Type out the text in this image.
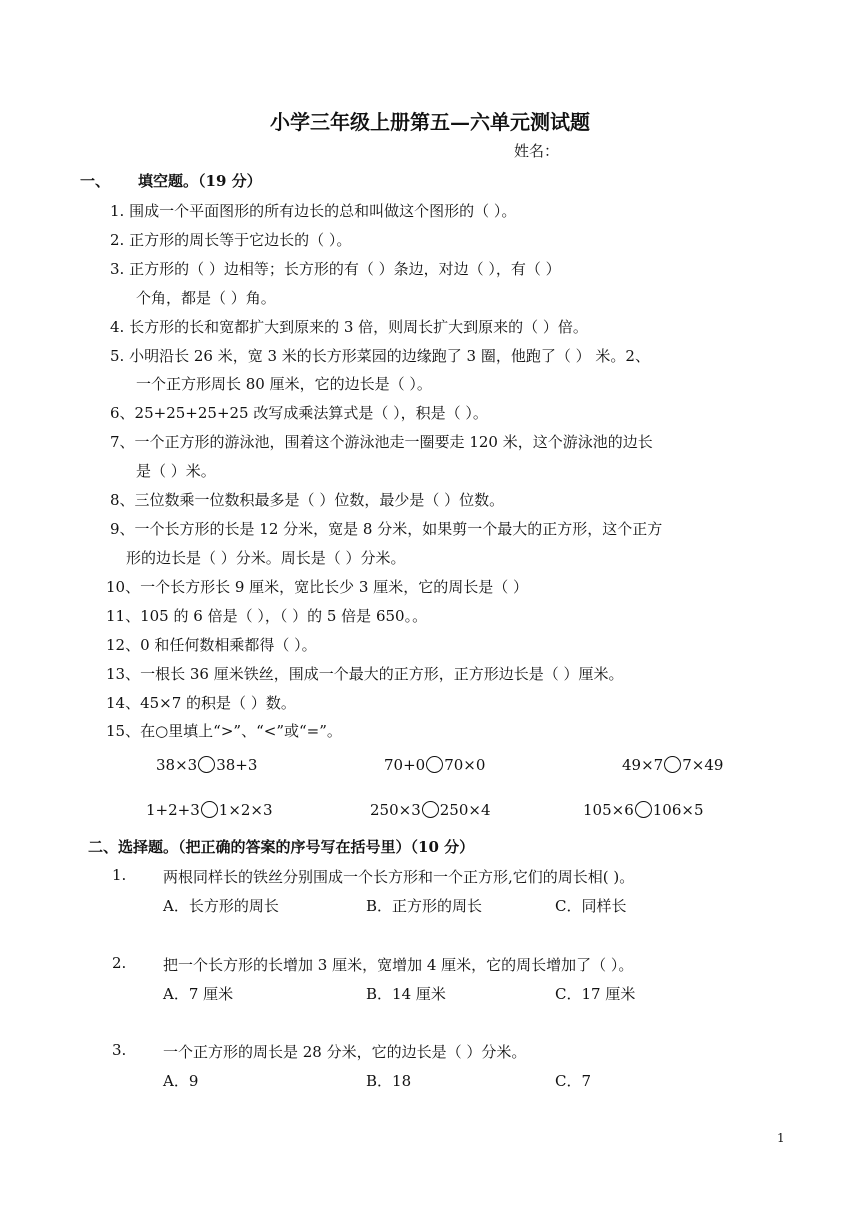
小学三年级上册第五—六单元测试题
姓名：
一、 填空题。（19 分）
1. 围成一个平面图形的所有边长的总和叫做这个图形的（ ）。
2. 正方形的周长等于它边长的（ ）。
3. 正方形的（ ）边相等；长方形的有（ ）条边，对边（ ），有（ ）
个角，都是（ ）角。
4. 长方形的长和宽都扩大到原来的 3 倍，则周长扩大到原来的（ ）倍。
5. 小明沿长 26 米，宽 3 米的长方形菜园的边缘跑了 3 圈，他跑了（ ） 米。2、
一个正方形周长 80 厘米，它的边长是（ ）。
6、25+25+25+25 改写成乘法算式是（ ），积是（ ）。
7、一个正方形的游泳池，围着这个游泳池走一圈要走 120 米，这个游泳池的边长
是（ ）米。
8、三位数乘一位数积最多是（ ）位数，最少是（ ）位数。
9、一个长方形的长是 12 分米，宽是 8 分米，如果剪一个最大的正方形，这个正方
形的边长是（ ）分米。周长是（ ）分米。
10、一个长方形长 9 厘米，宽比长少 3 厘米，它的周长是（ ）
11、105 的 6 倍是（ ），（ ）的 5 倍是 650。。
12、0 和任何数相乘都得（ ）。
13、一根长 36 厘米铁丝，围成一个最大的正方形，正方形边长是（ ）厘米。
14、45×7 的积是（ ）数。
15、在○里填上“>”、“<”或“=”。
38×3 38+3	70+0 70×0	49×7 7×49
1+2+3 1×2×3	250×3 250×4	105×6 106×5
二、选择题。（把正确的答案的序号写在括号里）（10 分）
1. 两根同样长的铁丝分别围成一个长方形和一个正方形,它们的周长相( )。
A．长方形的周长	B．正方形的周长	C．同样长
2. 把一个长方形的长增加 3 厘米，宽增加 4 厘米，它的周长增加了（ ）。
A．7 厘米	B．14 厘米	C．17 厘米
3. 一个正方形的周长是 28 分米，它的边长是（ ）分米。
A．9	B．18	C．7
1
